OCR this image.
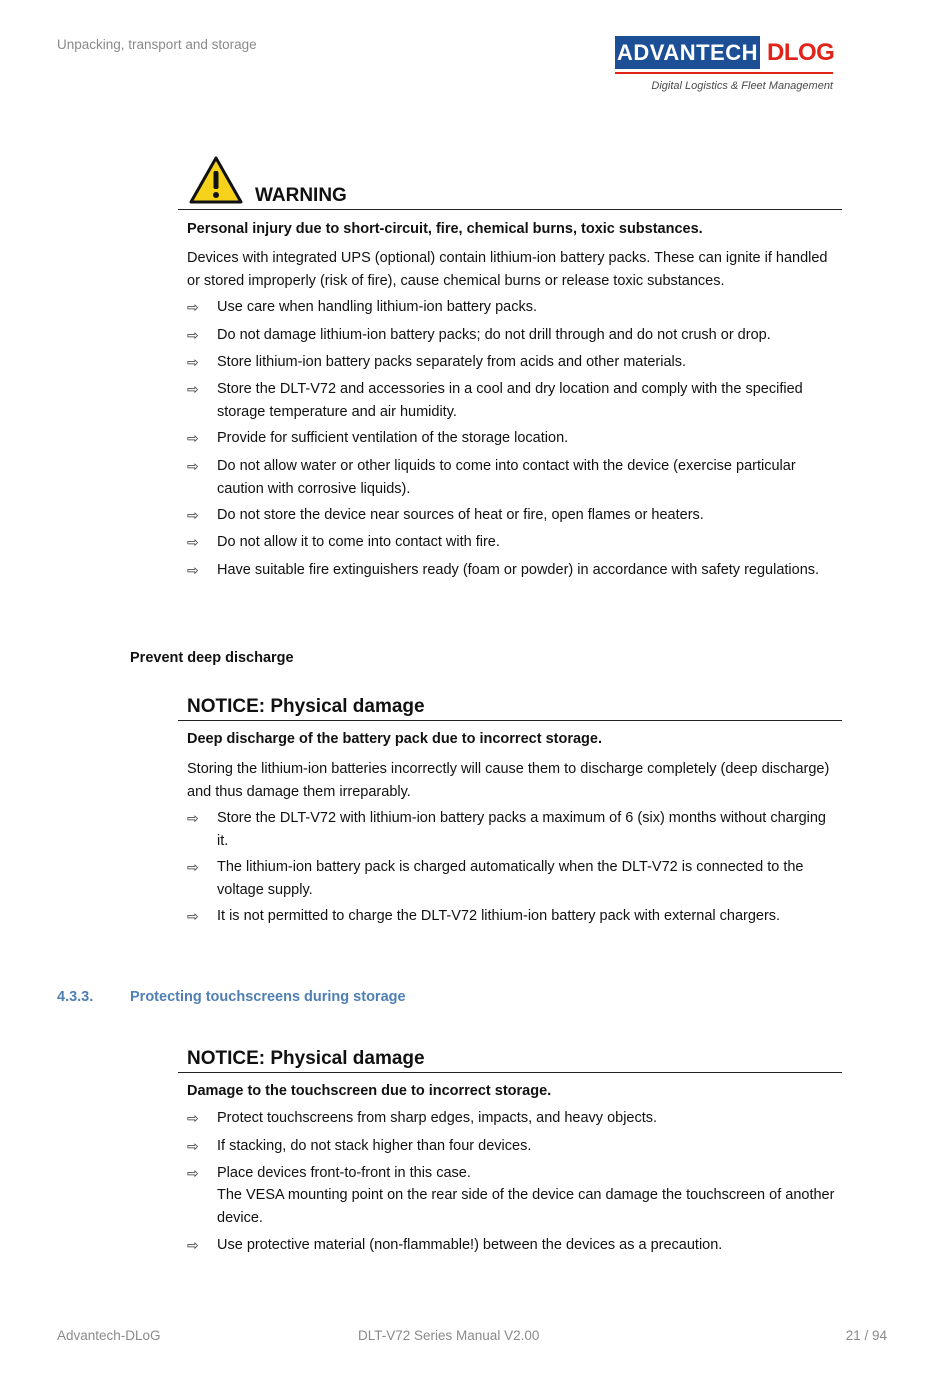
Unpacking, transport and storage	ADVANTECH DLOG
Digital Logistics & Fleet Management
WARNING
Personal injury due to short-circuit, fire, chemical burns, toxic substances.
Devices with integrated UPS (optional) contain lithium-ion battery packs. These can ignite if handled or stored improperly (risk of fire), cause chemical burns or release toxic substances.
⇨ Use care when handling lithium-ion battery packs.
⇨ Do not damage lithium-ion battery packs; do not drill through and do not crush or drop.
⇨ Store lithium-ion battery packs separately from acids and other materials.
⇨ Store the DLT-V72 and accessories in a cool and dry location and comply with the specified storage temperature and air humidity.
⇨ Provide for sufficient ventilation of the storage location.
⇨ Do not allow water or other liquids to come into contact with the device (exercise particular caution with corrosive liquids).
⇨ Do not store the device near sources of heat or fire, open flames or heaters.
⇨ Do not allow it to come into contact with fire.
⇨ Have suitable fire extinguishers ready (foam or powder) in accordance with safety regulations.
Prevent deep discharge
NOTICE: Physical damage
Deep discharge of the battery pack due to incorrect storage.
Storing the lithium-ion batteries incorrectly will cause them to discharge completely (deep discharge) and thus damage them irreparably.
⇨ Store the DLT-V72 with lithium-ion battery packs a maximum of 6 (six) months without charging it.
⇨ The lithium-ion battery pack is charged automatically when the DLT-V72 is connected to the voltage supply.
⇨ It is not permitted to charge the DLT-V72 lithium-ion battery pack with external chargers.
4.3.3.	Protecting touchscreens during storage
NOTICE: Physical damage
Damage to the touchscreen due to incorrect storage.
⇨ Protect touchscreens from sharp edges, impacts, and heavy objects.
⇨ If stacking, do not stack higher than four devices.
⇨ Place devices front-to-front in this case.
The VESA mounting point on the rear side of the device can damage the touchscreen of another device.
⇨ Use protective material (non-flammable!) between the devices as a precaution.
Advantech-DLoG	DLT-V72 Series Manual V2.00	21 / 94
